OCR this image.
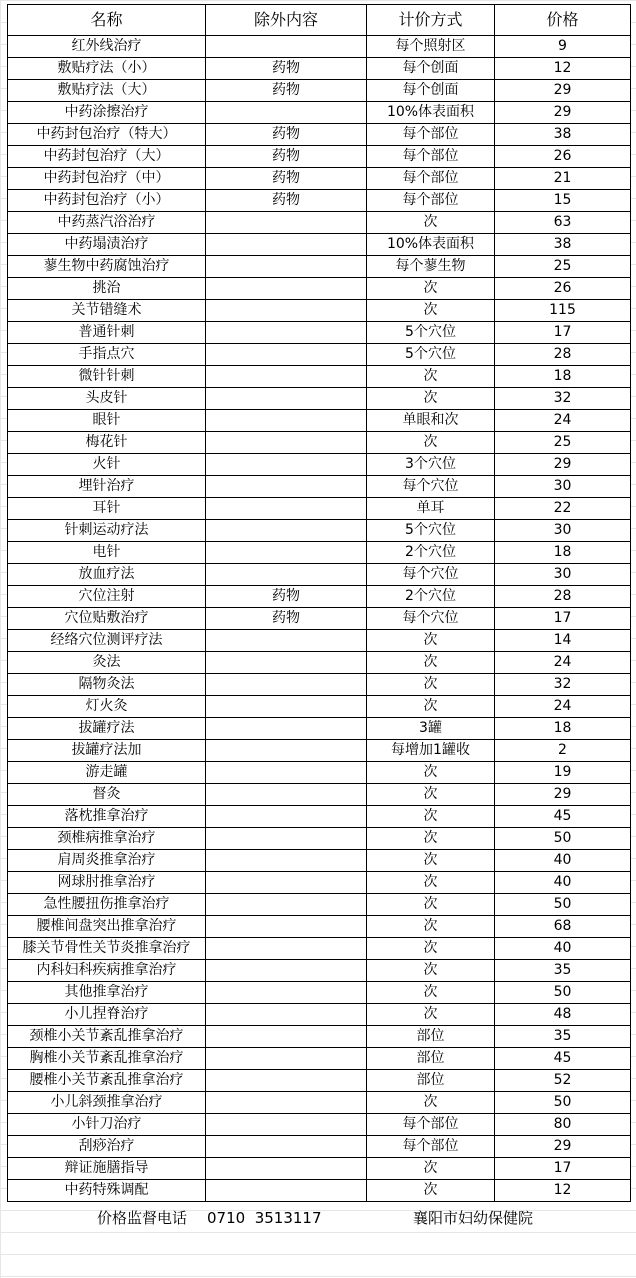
名称	除外内容	计价方式	价格
红外线治疗		每个照射区	9
敷贴疗法（小）	药物	每个创面	12
敷贴疗法（大）	药物	每个创面	29
中药涂擦治疗		10%体表面积	29
中药封包治疗（特大）	药物	每个部位	38
中药封包治疗（大）	药物	每个部位	26
中药封包治疗（中）	药物	每个部位	21
中药封包治疗（小）	药物	每个部位	15
中药蒸汽浴治疗		次	63
中药塌渍治疗		10%体表面积	38
蓼生物中药腐蚀治疗		每个蓼生物	25
挑治		次	26
关节错缝术		次	115
普通针刺		5个穴位	17
手指点穴		5个穴位	28
微针针刺		次	18
头皮针		次	32
眼针		单眼和次	24
梅花针		次	25
火针		3个穴位	29
埋针治疗		每个穴位	30
耳针		单耳	22
针刺运动疗法		5个穴位	30
电针		2个穴位	18
放血疗法		每个穴位	30
穴位注射	药物	2个穴位	28
穴位贴敷治疗	药物	每个穴位	17
经络穴位测评疗法		次	14
灸法		次	24
隔物灸法		次	32
灯火灸		次	24
拔罐疗法		3罐	18
拔罐疗法加		每增加1罐收	2
游走罐		次	19
督灸		次	29
落枕推拿治疗		次	45
颈椎病推拿治疗		次	50
肩周炎推拿治疗		次	40
网球肘推拿治疗		次	40
急性腰扭伤推拿治疗		次	50
腰椎间盘突出推拿治疗		次	68
膝关节骨性关节炎推拿治疗		次	40
内科妇科疾病推拿治疗		次	35
其他推拿治疗		次	50
小儿捏脊治疗		次	48
颈椎小关节紊乱推拿治疗		部位	35
胸椎小关节紊乱推拿治疗		部位	45
腰椎小关节紊乱推拿治疗		部位	52
小儿斜颈推拿治疗		次	50
小针刀治疗		每个部位	80
刮痧治疗		每个部位	29
辩证施膳指导		次	17
中药特殊调配		次	12
价格监督电话 0710  3513117	襄阳市妇幼保健院
